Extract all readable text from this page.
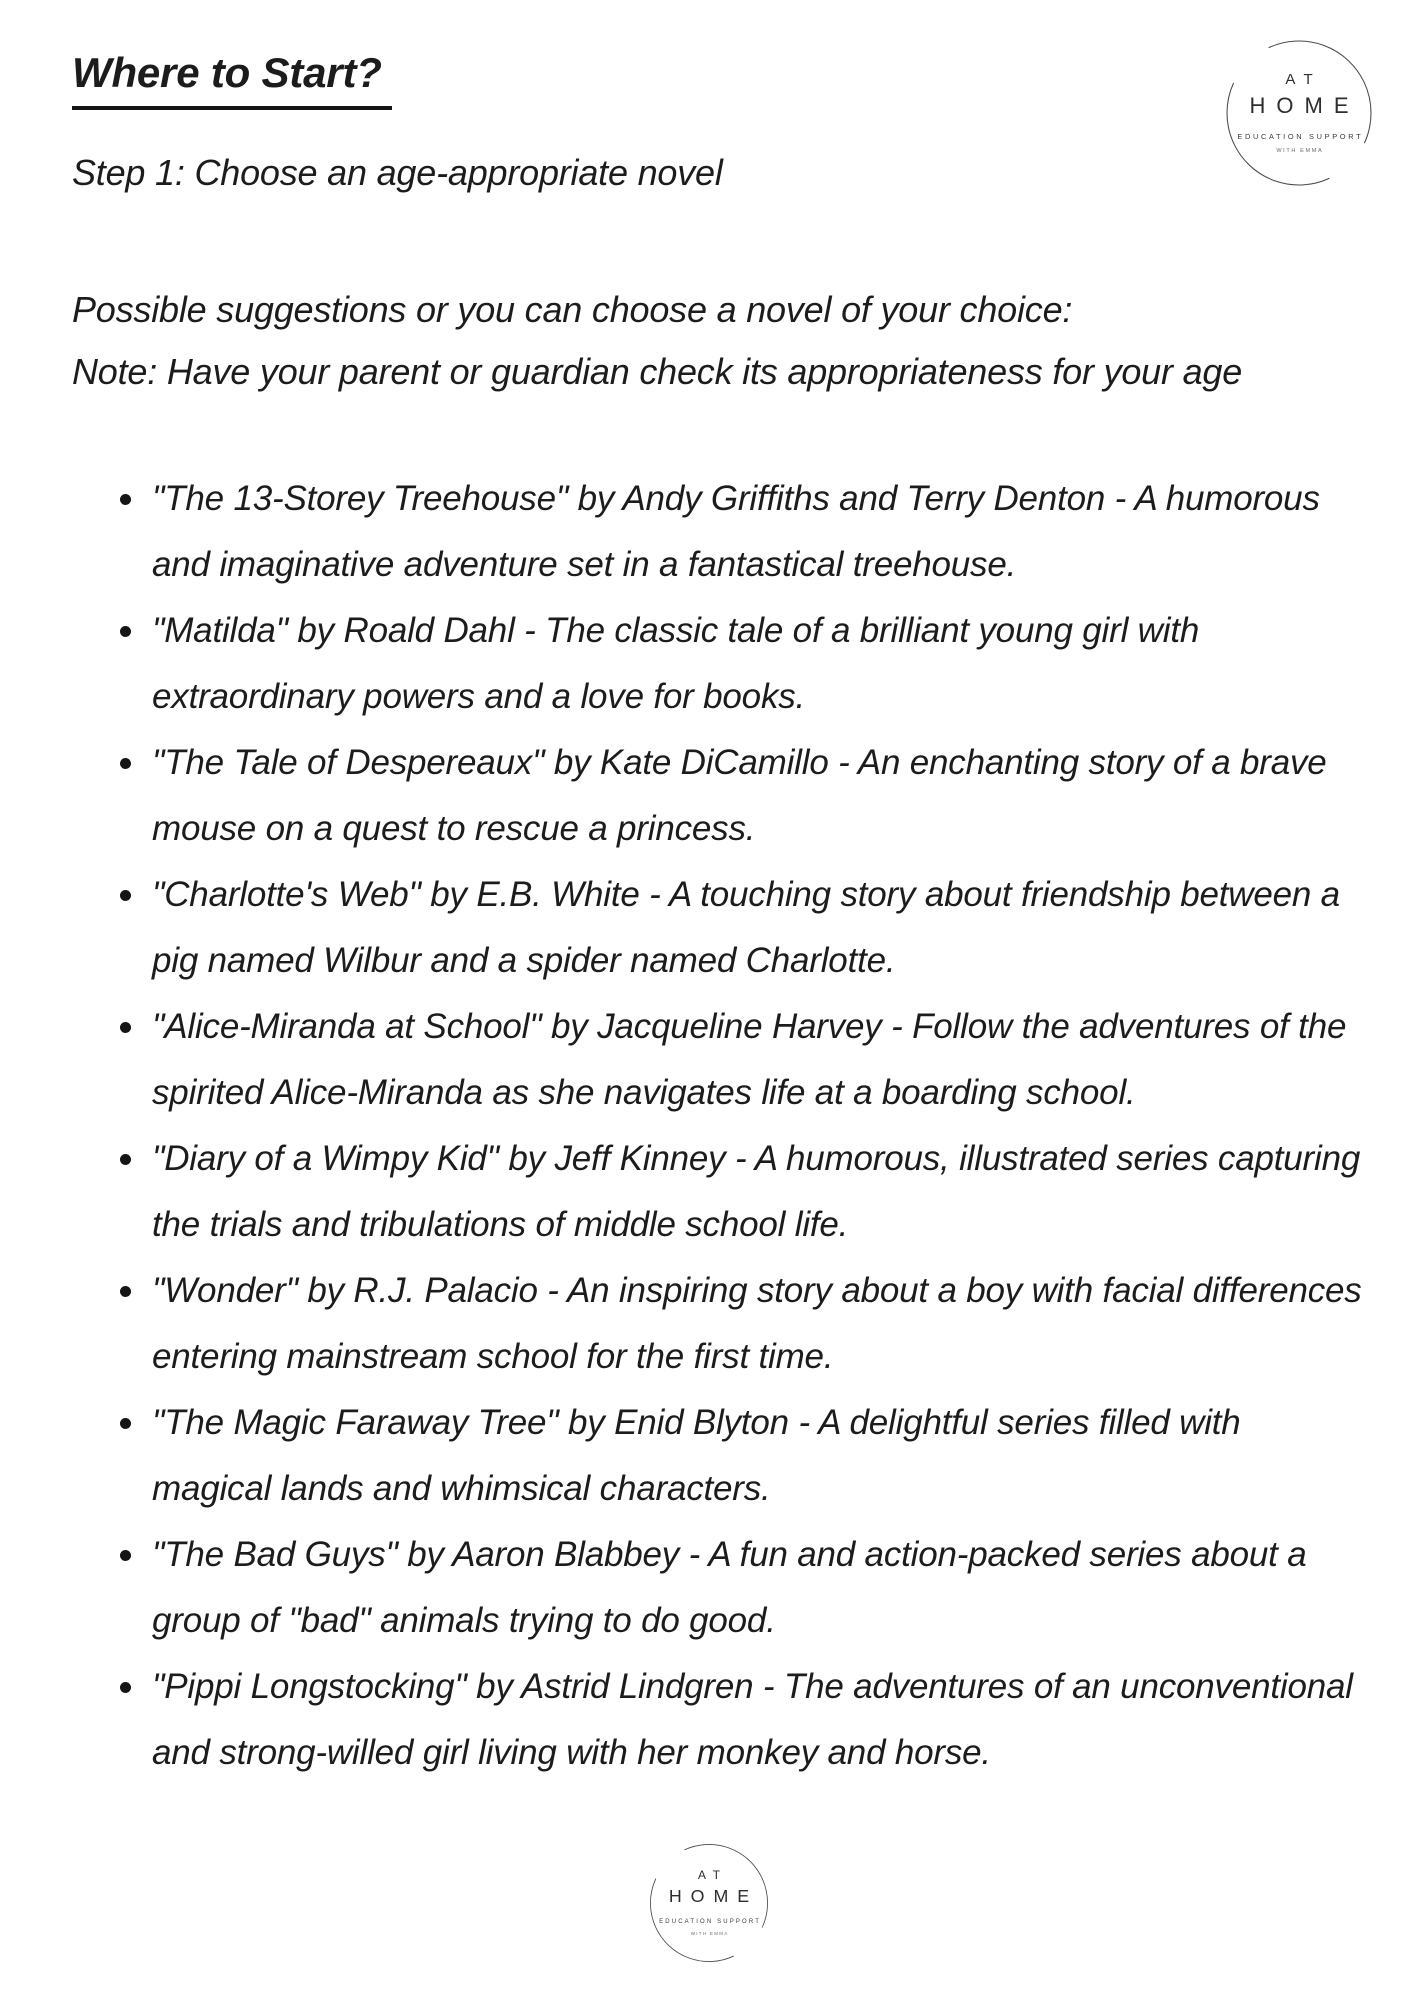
AT
HOME
EDUCATION SUPPORT
WITH EMMA
Where to Start?
Step 1: Choose an age-appropriate novel

Possible suggestions or you can choose a novel of your choice:

Note: Have your parent or guardian check its appropriateness for your age

"The 13-Storey Treehouse" by Andy Griffiths and Terry Denton - A humorous and imaginative adventure set in a fantastical treehouse.
"Matilda" by Roald Dahl - The classic tale of a brilliant young girl with extraordinary powers and a love for books.
"The Tale of Despereaux" by Kate DiCamillo - An enchanting story of a brave mouse on a quest to rescue a princess.
"Charlotte's Web" by E.B. White - A touching story about friendship between a pig named Wilbur and a spider named Charlotte.
"Alice-Miranda at School" by Jacqueline Harvey - Follow the adventures of the spirited Alice-Miranda as she navigates life at a boarding school.
"Diary of a Wimpy Kid" by Jeff Kinney - A humorous, illustrated series capturing the trials and tribulations of middle school life.
"Wonder" by R.J. Palacio - An inspiring story about a boy with facial differences entering mainstream school for the first time.
"The Magic Faraway Tree" by Enid Blyton - A delightful series filled with magical lands and whimsical characters.
"The Bad Guys" by Aaron Blabbey - A fun and action-packed series about a group of "bad" animals trying to do good.
"Pippi Longstocking" by Astrid Lindgren - The adventures of an unconventional and strong-willed girl living with her monkey and horse.
AT
HOME
EDUCATION SUPPORT
WITH EMMA
